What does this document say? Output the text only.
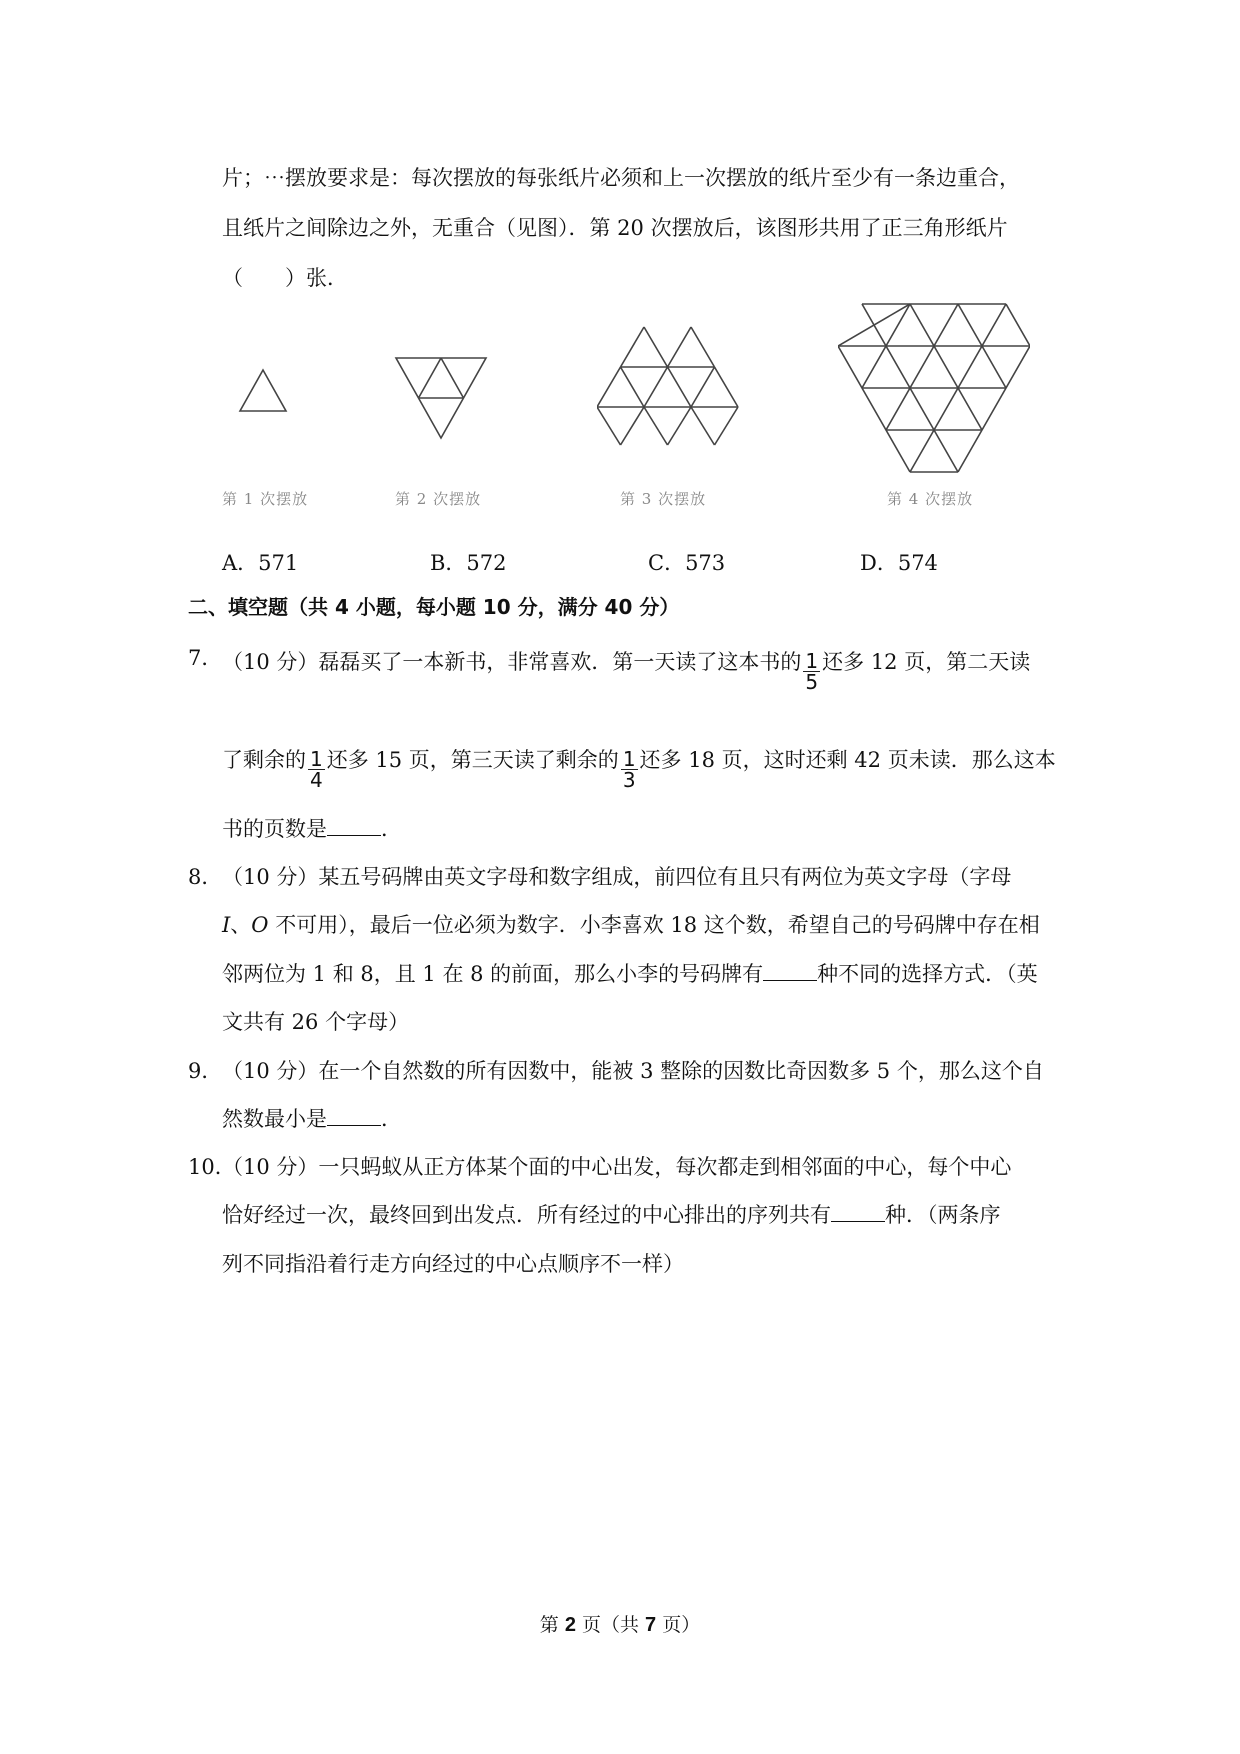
片；⋯摆放要求是：每次摆放的每张纸片必须和上一次摆放的纸片至少有一条边重合，
且纸片之间除边之外，无重合（见图）．第 20 次摆放后，该图形共用了正三角形纸片
（　　）张．
第 1 次摆放	第 2 次摆放	第 3 次摆放	第 4 次摆放
A．571	B．572	C．573	D．574
二、填空题（共 4 小题，每小题 10 分，满分 40 分）
7． （10 分）磊磊买了一本新书，非常喜欢．第一天读了这本书的 $\frac{1}{5}$ 还多 12 页，第二天读
了剩余的 $\frac{1}{4}$ 还多 15 页，第三天读了剩余的 $\frac{1}{3}$ 还多 18 页，这时还剩 42 页未读．那么这本
书的页数是	．
8． （10 分）某五号码牌由英文字母和数字组成，前四位有且只有两位为英文字母（字母
I、O 不可用），最后一位必须为数字．小李喜欢 18 这个数，希望自己的号码牌中存在相
邻两位为 1 和 8，且 1 在 8 的前面，那么小李的号码牌有	种不同的选择方式．（英
文共有 26 个字母）
9． （10 分）在一个自然数的所有因数中，能被 3 整除的因数比奇因数多 5 个，那么这个自
然数最小是	．
10．
（10 分）一只蚂蚁从正方体某个面的中心出发，每次都走到相邻面的中心，每个中心
恰好经过一次，最终回到出发点．所有经过的中心排出的序列共有	种．（两条序
列不同指沿着行走方向经过的中心点顺序不一样）
第 2 页（共 7 页）
